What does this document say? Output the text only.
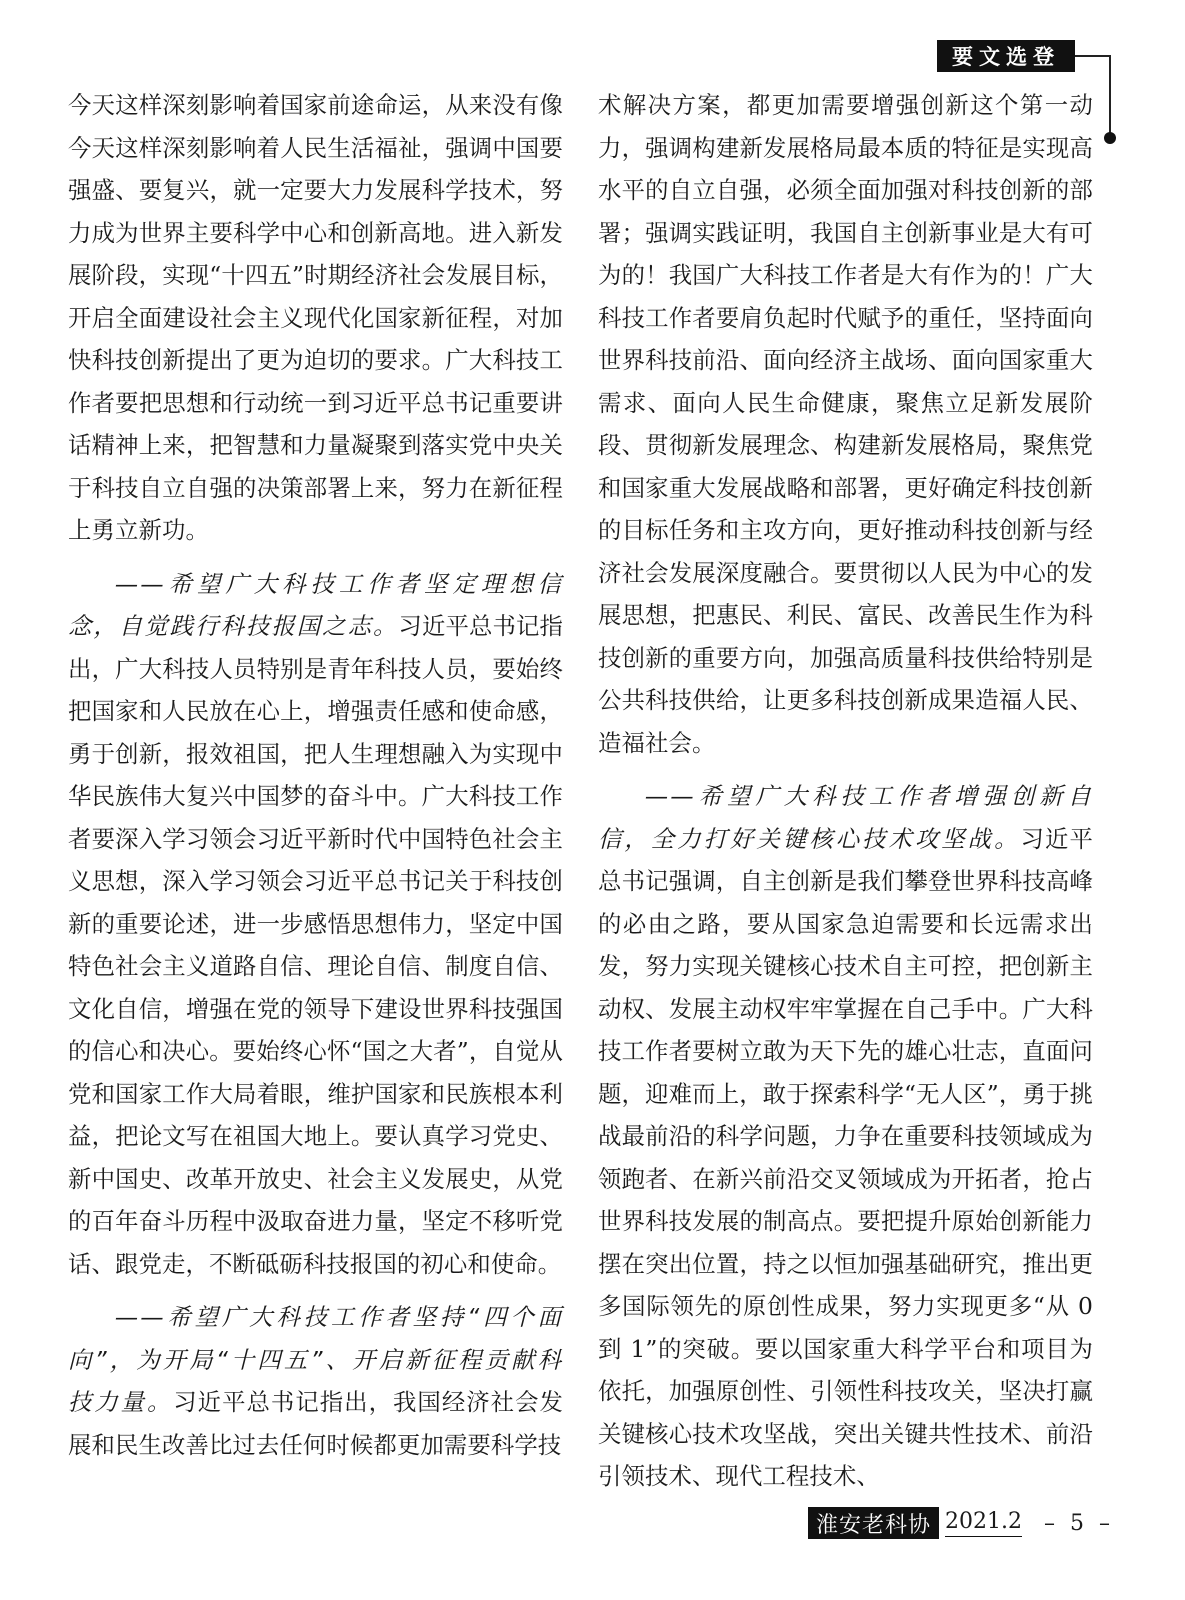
要文选登

今天这样深刻影响着国家前途命运，从来没有像今天这样深刻影响着人民生活福祉，强调中国要强盛、要复兴，就一定要大力发展科学技术，努力成为世界主要科学中心和创新高地。进入新发展阶段，实现“十四五”时期经济社会发展目标，开启全面建设社会主义现代化国家新征程，对加快科技创新提出了更为迫切的要求。广大科技工作者要把思想和行动统一到习近平总书记重要讲话精神上来，把智慧和力量凝聚到落实党中央关于科技自立自强的决策部署上来，努力在新征程上勇立新功。

——希望广大科技工作者坚定理想信念，自觉践行科技报国之志。习近平总书记指出，广大科技人员特别是青年科技人员，要始终把国家和人民放在心上，增强责任感和使命感，勇于创新，报效祖国，把人生理想融入为实现中华民族伟大复兴中国梦的奋斗中。广大科技工作者要深入学习领会习近平新时代中国特色社会主义思想，深入学习领会习近平总书记关于科技创新的重要论述，进一步感悟思想伟力，坚定中国特色社会主义道路自信、理论自信、制度自信、文化自信，增强在党的领导下建设世界科技强国的信心和决心。要始终心怀“国之大者”，自觉从党和国家工作大局着眼，维护国家和民族根本利益，把论文写在祖国大地上。要认真学习党史、新中国史、改革开放史、社会主义发展史，从党的百年奋斗历程中汲取奋进力量，坚定不移听党话、跟党走，不断砥砺科技报国的初心和使命。

——希望广大科技工作者坚持“四个面向”，为开局“十四五”、开启新征程贡献科技力量。习近平总书记指出，我国经济社会发展和民生改善比过去任何时候都更加需要科学技

术解决方案，都更加需要增强创新这个第一动力，强调构建新发展格局最本质的特征是实现高水平的自立自强，必须全面加强对科技创新的部署；强调实践证明，我国自主创新事业是大有可为的！我国广大科技工作者是大有作为的！广大科技工作者要肩负起时代赋予的重任，坚持面向世界科技前沿、面向经济主战场、面向国家重大需求、面向人民生命健康，聚焦立足新发展阶段、贯彻新发展理念、构建新发展格局，聚焦党和国家重大发展战略和部署，更好确定科技创新的目标任务和主攻方向，更好推动科技创新与经济社会发展深度融合。要贯彻以人民为中心的发展思想，把惠民、利民、富民、改善民生作为科技创新的重要方向，加强高质量科技供给特别是公共科技供给，让更多科技创新成果造福人民、造福社会。

——希望广大科技工作者增强创新自信，全力打好关键核心技术攻坚战。习近平总书记强调，自主创新是我们攀登世界科技高峰的必由之路，要从国家急迫需要和长远需求出发，努力实现关键核心技术自主可控，把创新主动权、发展主动权牢牢掌握在自己手中。广大科技工作者要树立敢为天下先的雄心壮志，直面问题，迎难而上，敢于探索科学“无人区”，勇于挑战最前沿的科学问题，力争在重要科技领域成为领跑者、在新兴前沿交叉领域成为开拓者，抢占世界科技发展的制高点。要把提升原始创新能力摆在突出位置，持之以恒加强基础研究，推出更多国际领先的原创性成果，努力实现更多“从 0 到 1”的突破。要以国家重大科学平台和项目为依托，加强原创性、引领性科技攻关，坚决打赢关键核心技术攻坚战，突出关键共性技术、前沿引领技术、现代工程技术、

淮安老科协 2021.2 – 5 –
